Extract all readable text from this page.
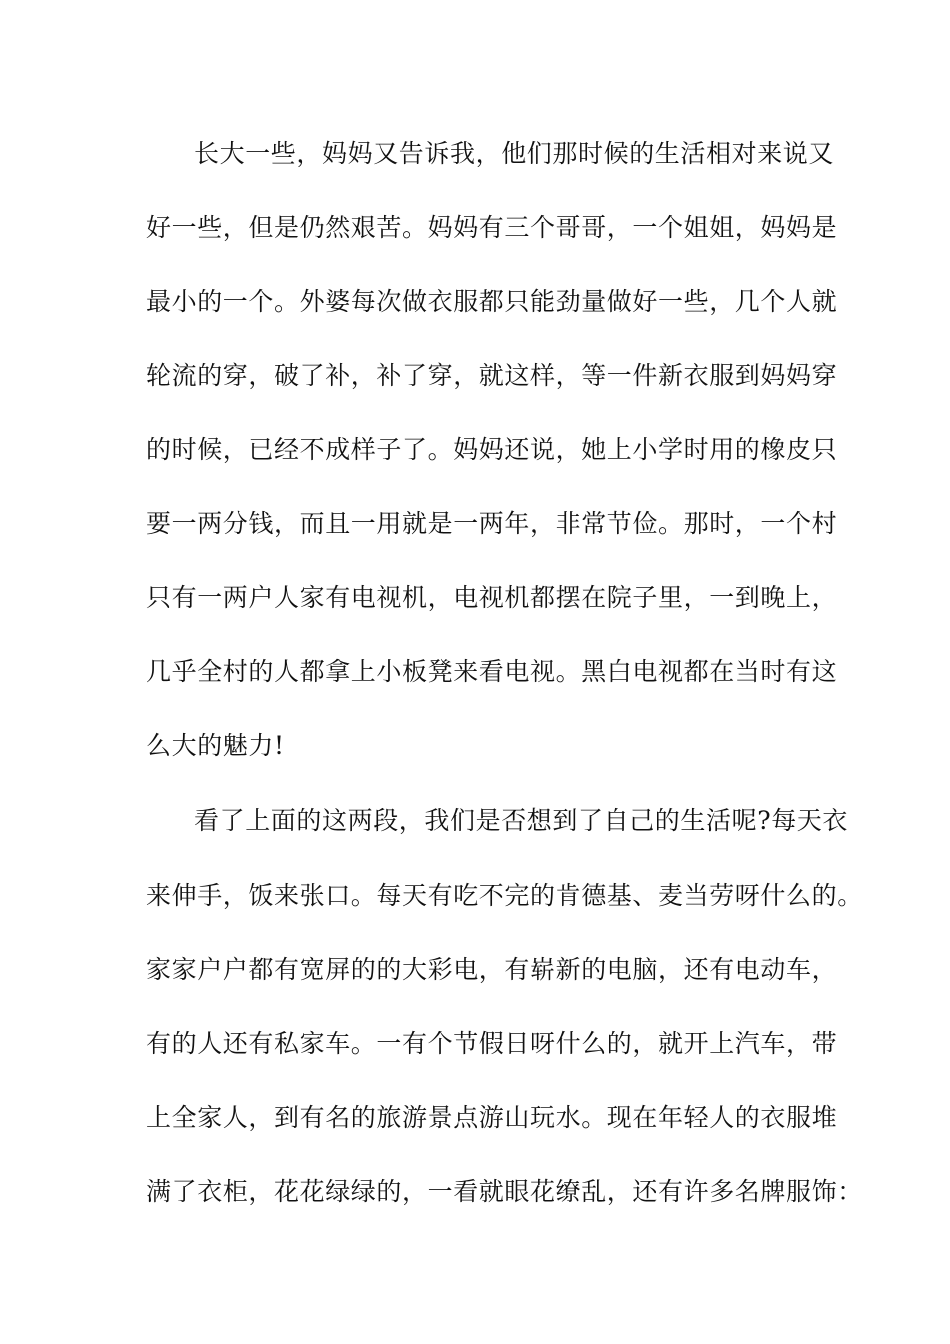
长大一些，妈妈又告诉我，他们那时候的生活相对来说又
好一些，但是仍然艰苦。妈妈有三个哥哥，一个姐姐，妈妈是
最小的一个。外婆每次做衣服都只能劲量做好一些，几个人就
轮流的穿，破了补，补了穿，就这样，等一件新衣服到妈妈穿
的时候，已经不成样子了。妈妈还说，她上小学时用的橡皮只
要一两分钱，而且一用就是一两年，非常节俭。那时，一个村
只有一两户人家有电视机，电视机都摆在院子里，一到晚上，
几乎全村的人都拿上小板凳来看电视。黑白电视都在当时有这
么大的魅力!
看了上面的这两段，我们是否想到了自己的生活呢?每天衣
来伸手，饭来张口。每天有吃不完的肯德基、麦当劳呀什么的。
家家户户都有宽屏的的大彩电，有崭新的电脑，还有电动车，
有的人还有私家车。一有个节假日呀什么的，就开上汽车，带
上全家人，到有名的旅游景点游山玩水。现在年轻人的衣服堆
满了衣柜，花花绿绿的，一看就眼花缭乱，还有许多名牌服饰：
